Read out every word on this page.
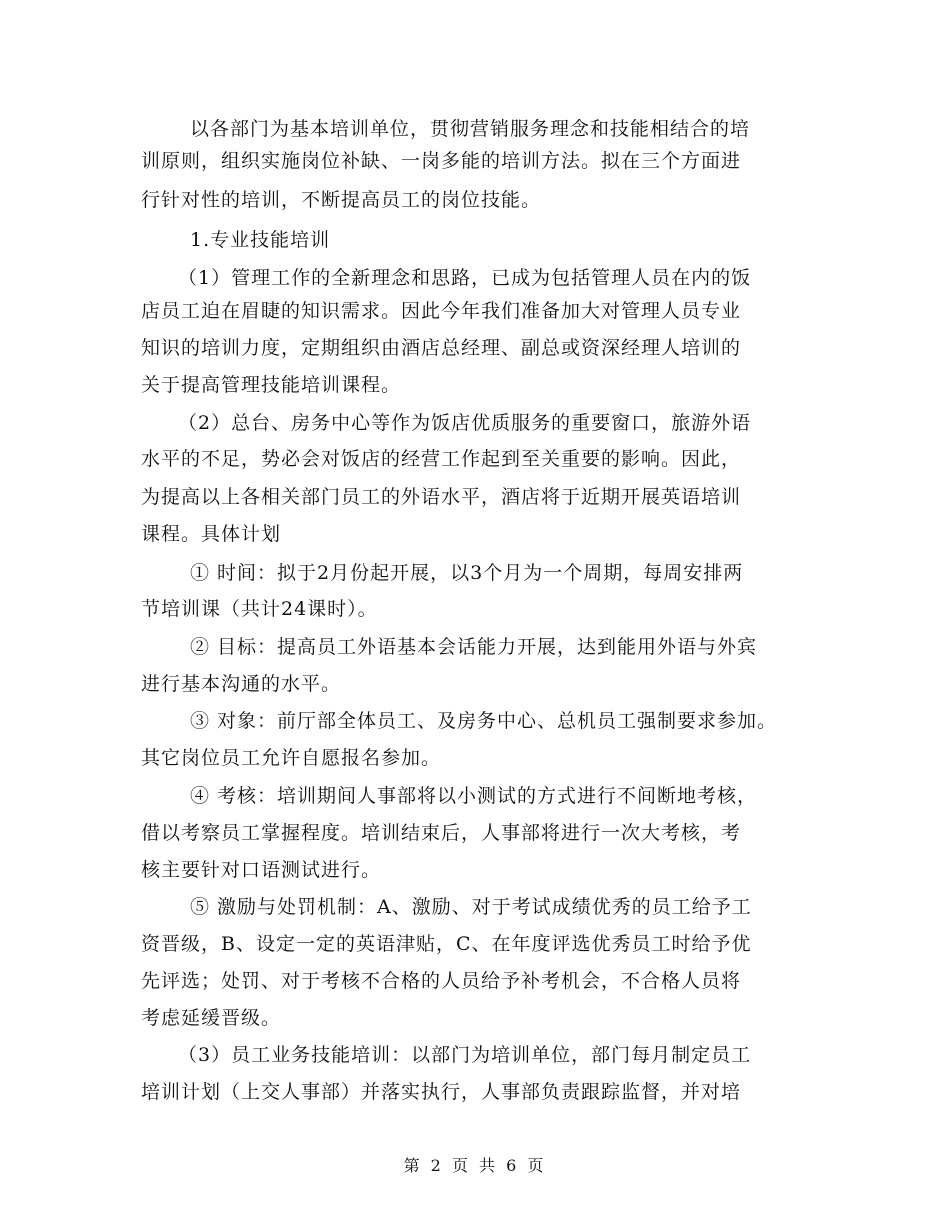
以各部门为基本培训单位，贯彻营销服务理念和技能相结合的培
训原则，组织实施岗位补缺、一岗多能的培训方法。拟在三个方面进
行针对性的培训，不断提高员工的岗位技能。
1.专业技能培训
（1）管理工作的全新理念和思路，已成为包括管理人员在内的饭
店员工迫在眉睫的知识需求。因此今年我们准备加大对管理人员专业
知识的培训力度，定期组织由酒店总经理、副总或资深经理人培训的
关于提高管理技能培训课程。
（2）总台、房务中心等作为饭店优质服务的重要窗口，旅游外语
水平的不足，势必会对饭店的经营工作起到至关重要的影响。因此，
为提高以上各相关部门员工的外语水平，酒店将于近期开展英语培训
课程。具体计划
① 时间：拟于2月份起开展，以3个月为一个周期，每周安排两
节培训课（共计24课时）。
② 目标：提高员工外语基本会话能力开展，达到能用外语与外宾
进行基本沟通的水平。
③ 对象：前厅部全体员工、及房务中心、总机员工强制要求参加。
其它岗位员工允许自愿报名参加。
④ 考核：培训期间人事部将以小测试的方式进行不间断地考核，
借以考察员工掌握程度。培训结束后，人事部将进行一次大考核，考
核主要针对口语测试进行。
⑤ 激励与处罚机制：A、激励、对于考试成绩优秀的员工给予工
资晋级，B、设定一定的英语津贴，C、在年度评选优秀员工时给予优
先评选；处罚、对于考核不合格的人员给予补考机会，不合格人员将
考虑延缓晋级。
（3）员工业务技能培训：以部门为培训单位，部门每月制定员工
培训计划（上交人事部）并落实执行，人事部负责跟踪监督，并对培
第 2 页 共 6 页
